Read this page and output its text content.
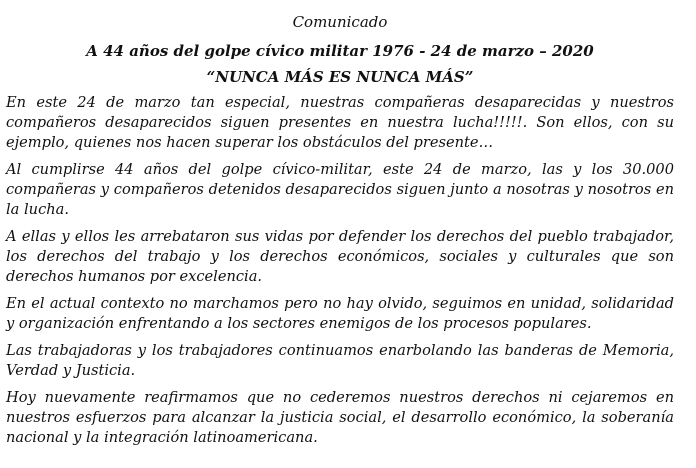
Comunicado
A 44 años del golpe cívico militar 1976 - 24 de marzo – 2020
“NUNCA MÁS ES NUNCA MÁS”

En este 24 de marzo tan especial, nuestras compañeras desaparecidas y nuestros compañeros desaparecidos siguen presentes en nuestra lucha!!!!!. Son ellos, con su ejemplo, quienes nos hacen superar los obstáculos del presente…

Al cumplirse 44 años del golpe cívico-militar, este 24 de marzo, las y los 30.000 compañeras y compañeros detenidos desaparecidos siguen junto a nosotras y nosotros en la lucha.

A ellas y ellos les arrebataron sus vidas por defender los derechos del pueblo trabajador, los derechos del trabajo y los derechos económicos, sociales y culturales que son derechos humanos por excelencia.

En el actual contexto no marchamos pero no hay olvido, seguimos en unidad, solidaridad y organización enfrentando a los sectores enemigos de los procesos populares.

Las trabajadoras y los trabajadores continuamos enarbolando las banderas de Memoria, Verdad y Justicia.

Hoy nuevamente reafirmamos que no cederemos nuestros derechos ni cejaremos en nuestros esfuerzos para alcanzar la justicia social, el desarrollo económico, la soberanía nacional y la integración latinoamericana.
